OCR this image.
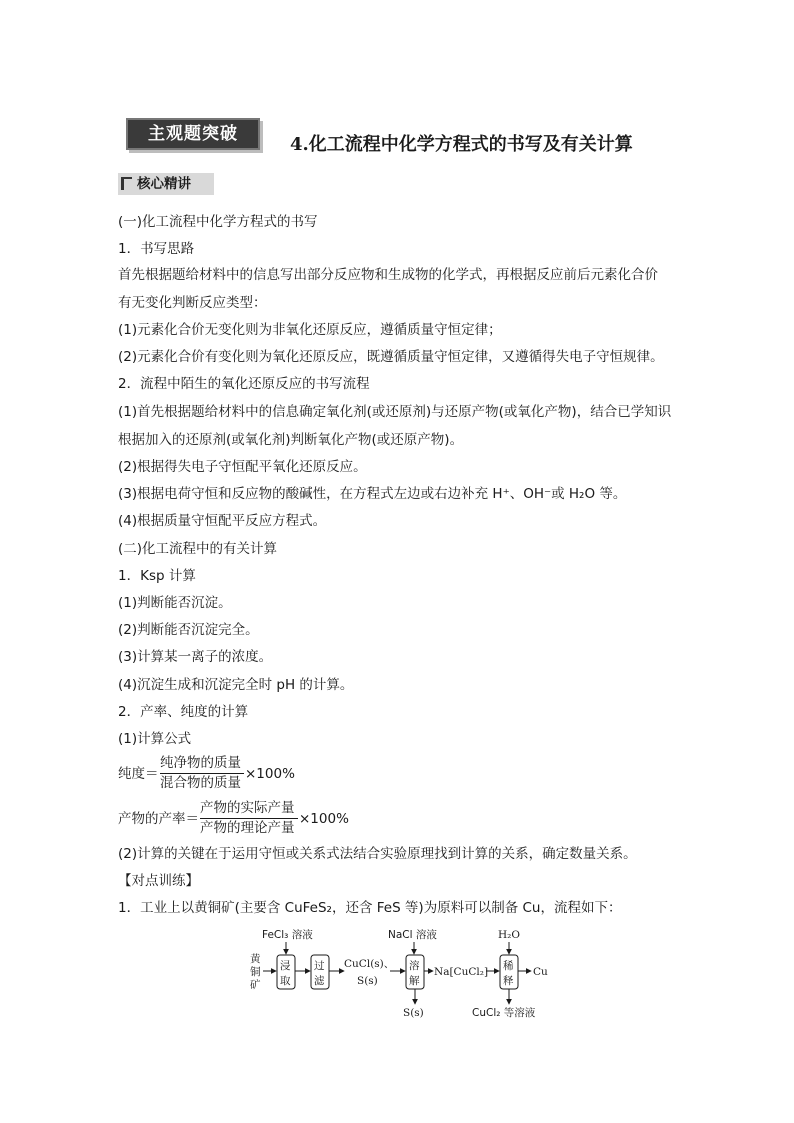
主观题突破	4.化工流程中化学方程式的书写及有关计算
核心精讲
(一)化工流程中化学方程式的书写
1．书写思路
首先根据题给材料中的信息写出部分反应物和生成物的化学式，再根据反应前后元素化合价
有无变化判断反应类型：
(1)元素化合价无变化则为非氧化还原反应，遵循质量守恒定律；
(2)元素化合价有变化则为氧化还原反应，既遵循质量守恒定律，又遵循得失电子守恒规律。
2．流程中陌生的氧化还原反应的书写流程
(1)首先根据题给材料中的信息确定氧化剂(或还原剂)与还原产物(或氧化产物)，结合已学知识
根据加入的还原剂(或氧化剂)判断氧化产物(或还原产物)。
(2)根据得失电子守恒配平氧化还原反应。
(3)根据电荷守恒和反应物的酸碱性，在方程式左边或右边补充 H⁺、OH⁻或 H₂O 等。
(4)根据质量守恒配平反应方程式。
(二)化工流程中的有关计算
1．Ksp 计算
(1)判断能否沉淀。
(2)判断能否沉淀完全。
(3)计算某一离子的浓度。
(4)沉淀生成和沉淀完全时 pH 的计算。
2．产率、纯度的计算
(1)计算公式
纯度＝
纯净物的质量
混合物的质量
×100%
产物的产率＝
产物的实际产量
产物的理论产量
×100%
(2)计算的关键在于运用守恒或关系式法结合实验原理找到计算的关系，确定数量关系。
【对点训练】
1．工业上以黄铜矿(主要含 CuFeS₂，还含 FeS 等)为原料可以制备 Cu，流程如下：
黄
铜
矿
FeCl₃ 溶液
浸
取
过
滤
CuCl(s)、
S(s)
NaCl 溶液
溶
解
S(s)
Na[CuCl₂]
H₂O
稀
释
Cu
CuCl₂ 等溶液
